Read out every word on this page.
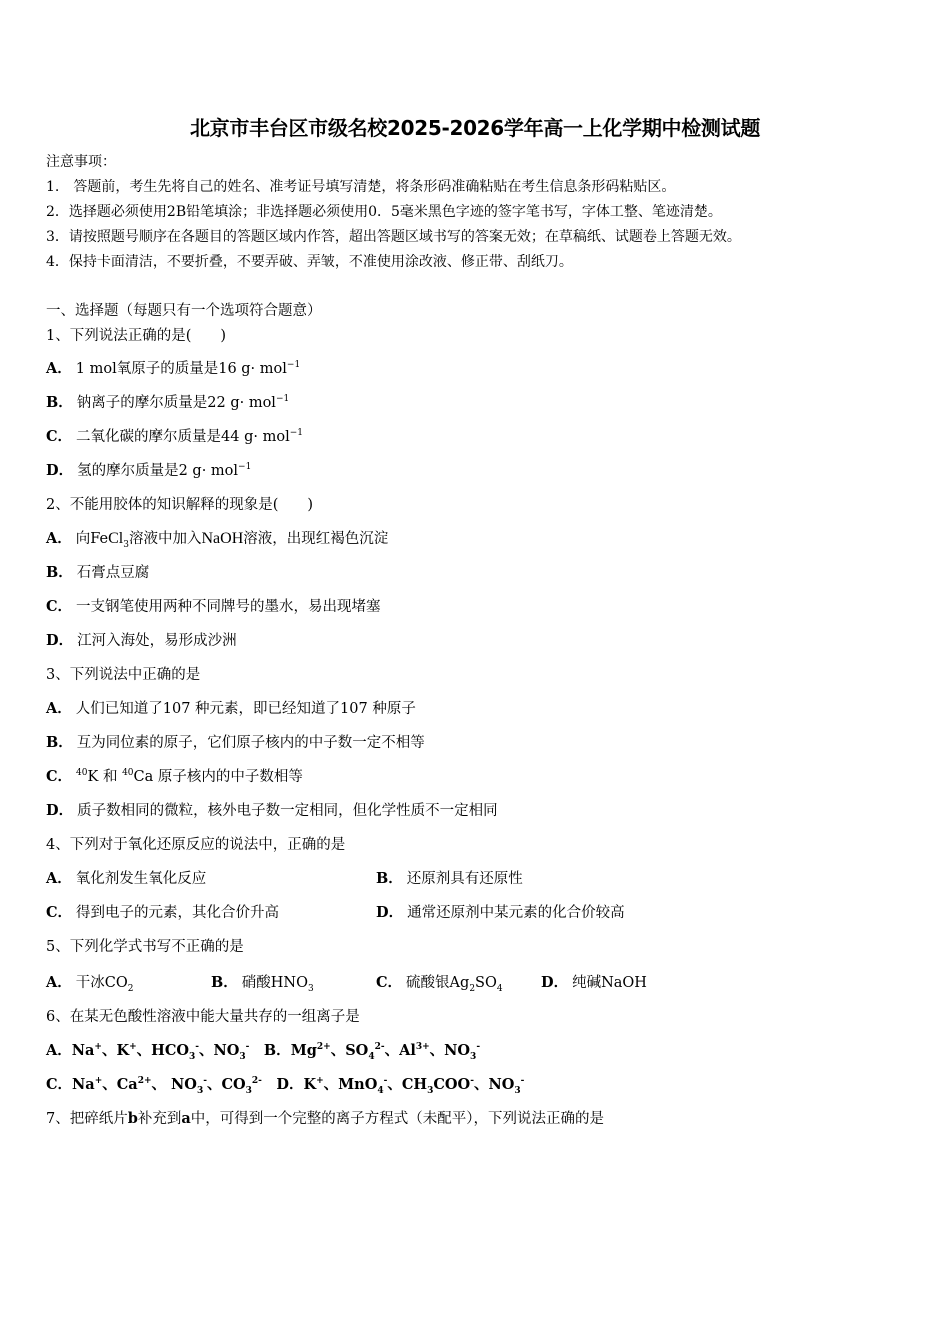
北京市丰台区市级名校2025-2026学年高一上化学期中检测试题
注意事项：
1.　答题前，考生先将自己的姓名、准考证号填写清楚，将条形码准确粘贴在考生信息条形码粘贴区。
2．选择题必须使用2B铅笔填涂；非选择题必须使用0．5毫米黑色字迹的签字笔书写，字体工整、笔迹清楚。
3．请按照题号顺序在各题目的答题区域内作答，超出答题区域书写的答案无效；在草稿纸、试题卷上答题无效。
4．保持卡面清洁，不要折叠，不要弄破、弄皱，不准使用涂改液、修正带、刮纸刀。
一、选择题（每题只有一个选项符合题意）
1、下列说法正确的是(　　)
A． 1 mol氧原子的质量是16 g· mol$^{-1}$
B． 钠离子的摩尔质量是22 g· mol$^{-1}$
C． 二氧化碳的摩尔质量是44 g· mol$^{-1}$
D． 氢的摩尔质量是2 g· mol$^{-1}$
2、不能用胶体的知识解释的现象是(　　)
A． 向FeCl$_3$溶液中加入NaOH溶液，出现红褐色沉淀
B． 石膏点豆腐
C． 一支钢笔使用两种不同牌号的墨水，易出现堵塞
D． 江河入海处，易形成沙洲
3、下列说法中正确的是
A． 人们已知道了107 种元素，即已经知道了107 种原子
B． 互为同位素的原子，它们原子核内的中子数一定不相等
C． $^{40}$K 和 $^{40}$Ca 原子核内的中子数相等
D． 质子数相同的微粒，核外电子数一定相同，但化学性质不一定相同
4、下列对于氧化还原反应的说法中，正确的是
A． 氧化剂发生氧化反应	B． 还原剂具有还原性
C． 得到电子的元素，其化合价升高	D． 通常还原剂中某元素的化合价较高
5、下列化学式书写不正确的是
A． 干冰$CO_2$	B． 硝酸$HNO_3$	C． 硫酸银$Ag_2SO_4$	D． 纯碱NaOH
6、在某无色酸性溶液中能大量共存的一组离子是
A．Na+、K+、$HCO_3^-$、$NO_3^-$　 B．$Mg^{2+}$、$SO_4^{2-}$、$Al^{3+}$、$NO_3^-$
C．Na+、$Ca^{2+}$、 $NO_3^-$、$CO_3^{2-}$　 D．K+、MnO$_4$-、$CH_3COO^-$、$NO_3^-$
7、把碎纸片b补充到a中，可得到一个完整的离子方程式（未配平），下列说法正确的是
